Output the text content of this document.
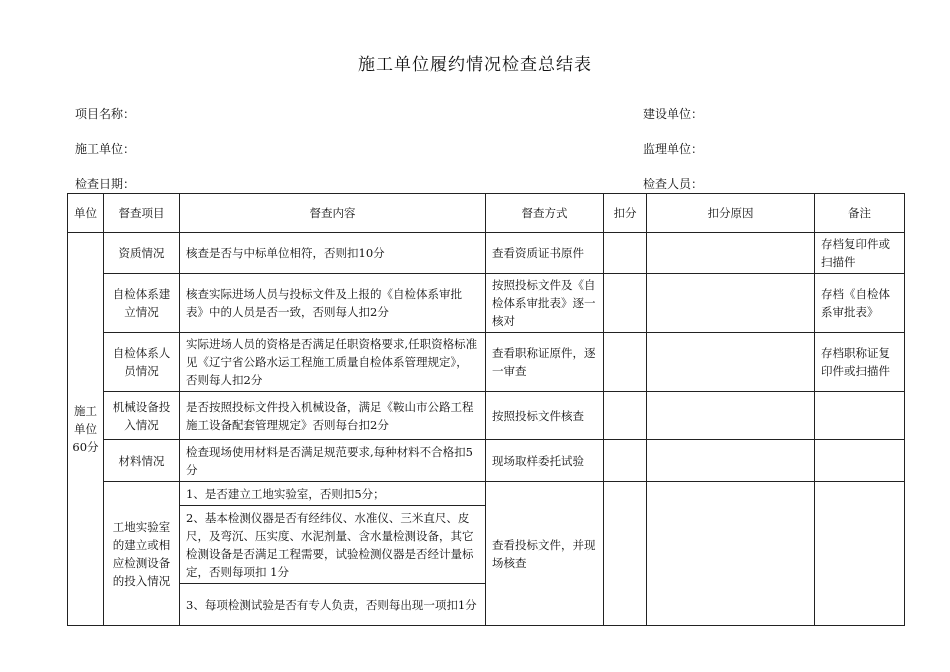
施工单位履约情况检查总结表
项目名称：
施工单位：
检查日期：
建设单位：
监理单位：
检查人员：
单位	督查项目	督查内容	督查方式	扣分	扣分原因	备注
施工单位60分	资质情况	核查是否与中标单位相符，否则扣10分	查看资质证书原件			存档复印件或扫描件
	自检体系建立情况	核查实际进场人员与投标文件及上报的《自检体系审批表》中的人员是否一致，否则每人扣2分	按照投标文件及《自检体系审批表》逐一核对			存档《自检体系审批表》
	自检体系人员情况	实际进场人员的资格是否满足任职资格要求,任职资格标准见《辽宁省公路水运工程施工质量自检体系管理规定》，否则每人扣2分	查看职称证原件，逐一审查			存档职称证复印件或扫描件
	机械设备投入情况	是否按照投标文件投入机械设备，满足《鞍山市公路工程施工设备配套管理规定》否则每台扣2分	按照投标文件核查			
	材料情况	检查现场使用材料是否满足规范要求,每种材料不合格扣5分	现场取样委托试验			
	工地实验室的建立或相应检测设备的投入情况	1、是否建立工地实验室，否则扣5分；	查看投标文件，并现场核查			
		2、基本检测仪器是否有经纬仪、水准仪、三米直尺、皮尺，及弯沉、压实度、水泥剂量、含水量检测设备，其它检测设备是否满足工程需要，试验检测仪器是否经计量标定，否则每项扣 1分				
		3、每项检测试验是否有专人负责，否则每出现一项扣1分				
